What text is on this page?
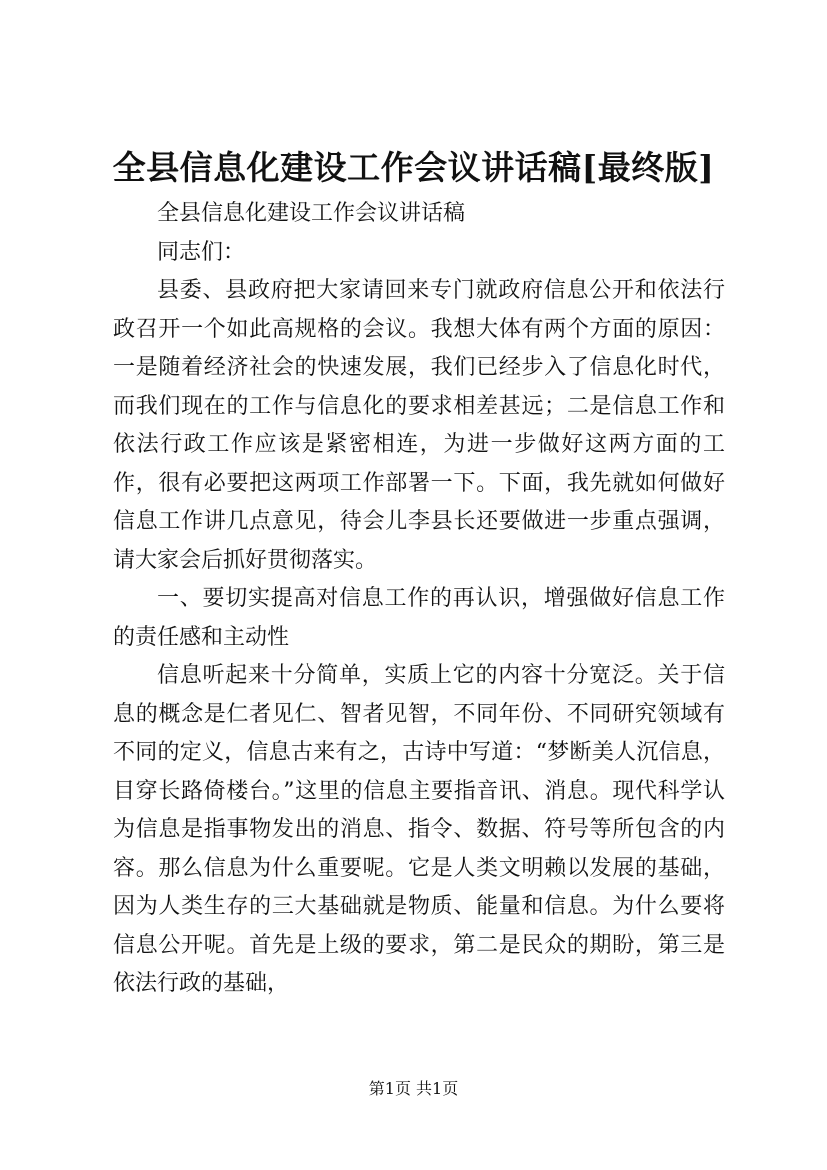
全县信息化建设工作会议讲话稿[最终版]

全县信息化建设工作会议讲话稿

同志们：

县委、县政府把大家请回来专门就政府信息公开和依法行政召开一个如此高规格的会议。我想大体有两个方面的原因：一是随着经济社会的快速发展，我们已经步入了信息化时代，而我们现在的工作与信息化的要求相差甚远；二是信息工作和依法行政工作应该是紧密相连，为进一步做好这两方面的工作，很有必要把这两项工作部署一下。下面，我先就如何做好信息工作讲几点意见，待会儿李县长还要做进一步重点强调，请大家会后抓好贯彻落实。

一、要切实提高对信息工作的再认识，增强做好信息工作的责任感和主动性

信息听起来十分简单，实质上它的内容十分宽泛。关于信息的概念是仁者见仁、智者见智，不同年份、不同研究领域有不同的定义，信息古来有之，古诗中写道：“梦断美人沉信息，目穿长路倚楼台。”这里的信息主要指音讯、消息。现代科学认为信息是指事物发出的消息、指令、数据、符号等所包含的内容。那么信息为什么重要呢。它是人类文明赖以发展的基础，因为人类生存的三大基础就是物质、能量和信息。为什么要将信息公开呢。首先是上级的要求，第二是民众的期盼，第三是依法行政的基础，

第1页 共1页
